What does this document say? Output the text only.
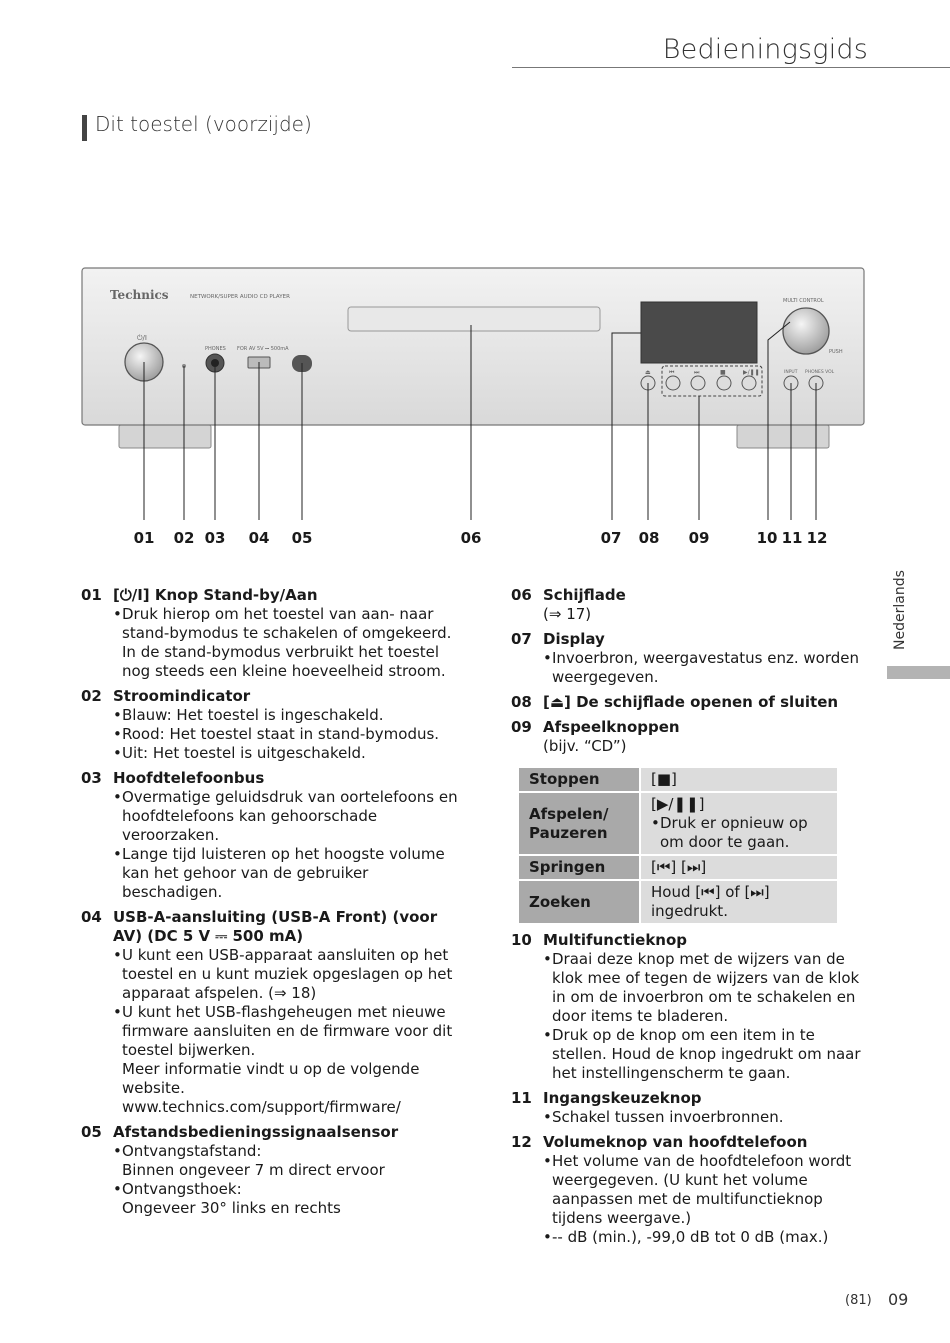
Bedieningsgids
Dit toestel (voorzijde)
Nederlands
Technics	NETWORK/SUPER AUDIO CD PLAYER
⏻/I
PHONES FOR AV 5V ⎓ 500mA
MULTI CONTROL
PUSH
INPUT PHONES VOL
⏏	⏮	⏭	■	▶/❚❚
01 02 03 04 05	06	07 08 09	10 11 12
01 [⏻/I] Knop Stand-by/Aan
• Druk hierop om het toestel van aan- naar stand-bymodus te schakelen of omgekeerd. In de stand-bymodus verbruikt het toestel nog steeds een kleine hoeveelheid stroom.
02 Stroomindicator
• Blauw: Het toestel is ingeschakeld.
• Rood: Het toestel staat in stand-bymodus.
• Uit: Het toestel is uitgeschakeld.
03 Hoofdtelefoonbus
• Overmatige geluidsdruk van oortelefoons en hoofdtelefoons kan gehoorschade veroorzaken.
• Lange tijd luisteren op het hoogste volume kan het gehoor van de gebruiker beschadigen.
04 USB-A-aansluiting (USB-A Front) (voor AV) (DC 5 V ⎓ 500 mA)
• U kunt een USB-apparaat aansluiten op het toestel en u kunt muziek opgeslagen op het apparaat afspelen. (⇒ 18)
• U kunt het USB-flashgeheugen met nieuwe firmware aansluiten en de firmware voor dit toestel bijwerken.
Meer informatie vindt u op de volgende website.
www.technics.com/support/firmware/
05 Afstandsbedieningssignaalsensor
• Ontvangstafstand:
Binnen ongeveer 7 m direct ervoor
• Ontvangsthoek:
Ongeveer 30° links en rechts
06 Schijflade
(⇒ 17)
07 Display
• Invoerbron, weergavestatus enz. worden weergegeven.
08 [⏏] De schijflade openen of sluiten
09 Afspeelknoppen
(bijv. “CD”)
Stoppen	[■]
Afspelen/ Pauzeren	[▶/❚❚]
• Druk er opnieuw op om door te gaan.

Springen	[⏮] [⏭]
Zoeken	Houd [⏮] of [⏭] ingedrukt.
10 Multifunctieknop
• Draai deze knop met de wijzers van de klok mee of tegen de wijzers van de klok in om de invoerbron om te schakelen en door items te bladeren.
• Druk op de knop om een item in te stellen. Houd de knop ingedrukt om naar het instellingenscherm te gaan.
11 Ingangskeuzeknop
• Schakel tussen invoerbronnen.
12 Volumeknop van hoofdtelefoon
• Het volume van de hoofdtelefoon wordt weergegeven. (U kunt het volume aanpassen met de multifunctieknop tijdens weergave.)
• -- dB (min.), -99,0 dB tot 0 dB (max.)
(81) 09
